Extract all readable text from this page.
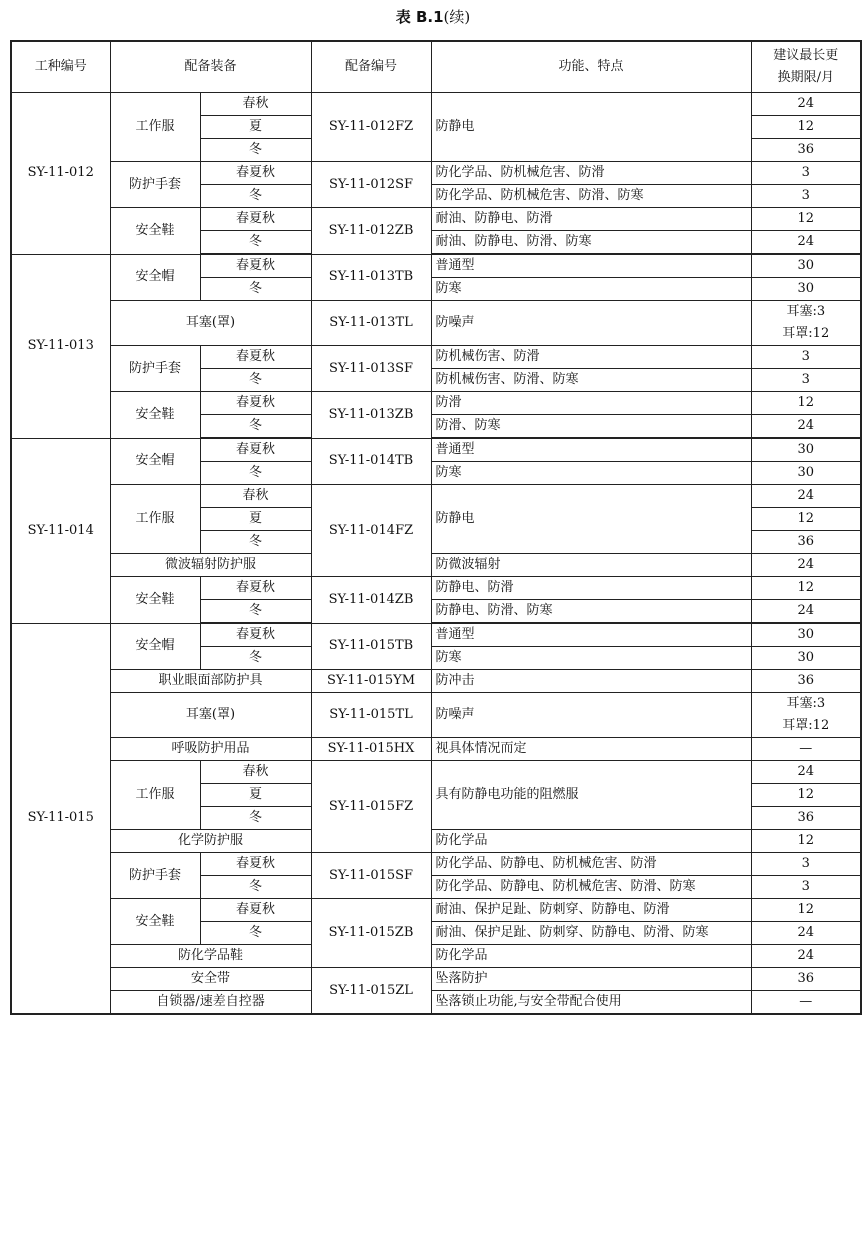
表 B.1(续)
工种编号	配备装备		配备编号	功能、特点	建议最长更
换期限/月
SY-11-012	工作服	春秋	SY-11-012FZ	防静电	24
		夏			12
		冬			36
	防护手套	春夏秋	SY-11-012SF	防化学品、防机械危害、防滑	3
		冬		防化学品、防机械危害、防滑、防寒	3
	安全鞋	春夏秋	SY-11-012ZB	耐油、防静电、防滑	12
		冬		耐油、防静电、防滑、防寒	24
SY-11-013	安全帽	春夏秋	SY-11-013TB	普通型	30
		冬		防寒	30
	耳塞(罩)		SY-11-013TL	防噪声	耳塞:3
耳罩:12
	防护手套	春夏秋	SY-11-013SF	防机械伤害、防滑	3
		冬		防机械伤害、防滑、防寒	3
	安全鞋	春夏秋	SY-11-013ZB	防滑	12
		冬		防滑、防寒	24
SY-11-014	安全帽	春夏秋	SY-11-014TB	普通型	30
		冬		防寒	30
	工作服	春秋	SY-11-014FZ	防静电	24
		夏			12
		冬			36
	微波辐射防护服			防微波辐射	24
	安全鞋	春夏秋	SY-11-014ZB	防静电、防滑	12
		冬		防静电、防滑、防寒	24
SY-11-015	安全帽	春夏秋	SY-11-015TB	普通型	30
		冬		防寒	30
	职业眼面部防护具		SY-11-015YM	防冲击	36
	耳塞(罩)		SY-11-015TL	防噪声	耳塞:3
耳罩:12
	呼吸防护用品		SY-11-015HX	视具体情况而定	—
	工作服	春秋	SY-11-015FZ	具有防静电功能的阻燃服	24
		夏			12
		冬			36
	化学防护服			防化学品	12
	防护手套	春夏秋	SY-11-015SF	防化学品、防静电、防机械危害、防滑	3
		冬		防化学品、防静电、防机械危害、防滑、防寒	3
	安全鞋	春夏秋	SY-11-015ZB	耐油、保护足趾、防刺穿、防静电、防滑	12
		冬		耐油、保护足趾、防刺穿、防静电、防滑、防寒	24
	防化学品鞋			防化学品	24
	安全带		SY-11-015ZL	坠落防护	36
	自锁器/速差自控器			坠落锁止功能,与安全带配合使用	—
